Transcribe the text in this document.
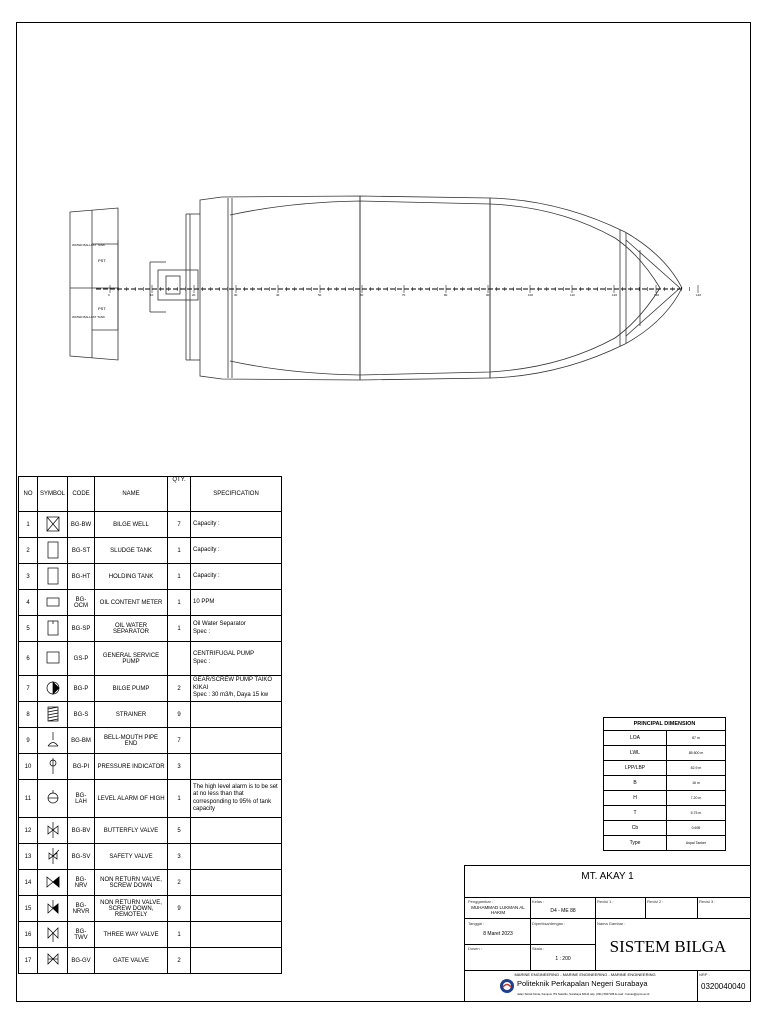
0	10	20	30	40	50	60	70	80	90	100	110	120	130	140
WATER BALLAST TANK
WATER BALLAST TANK
PST
PST
NO	SYMBOL	CODE	NAME	QTY.	SPECIFICATION
1		BG-BW	BILGE WELL	7	Capacity :
2		BG-ST	SLUDGE TANK	1	Capacity :
3		BG-HT	HOLDING TANK	1	Capacity :
4		BG-OCM	OIL CONTENT METER	1	10 PPM
5		BG-SP	OIL WATER SEPARATOR	1	Oil Water Separator
Spec :
6		GS-P	GENERAL SERVICE PUMP		CENTRIFUGAL PUMP
Spec :
7		BG-P	BILGE PUMP	2	GEAR/SCREW PUMP TAIKO KIKAI
Spec : 30 m3/h, Daya 15 kw
8		BG-S	STRAINER	9	
9		BG-BM	BELL-MOUTH PIPE END	7	
10		BG-PI	PRESSURE INDICATOR	3	
11		BG-LAH	LEVEL ALARM OF HIGH	1	The high level alarm is to be set at no less than that corresponding to 95% of tank capacity
12		BG-BV	BUTTERFLY VALVE	5	
13		BG-SV	SAFETY VALVE	3	
14		BG-NRV	NON RETURN VALVE, SCREW DOWN	2	
15		BG-NRVR	NON RETURN VALVE, SCREW DOWN, REMOTELY	9	
16		BG-TWV	THREE WAY VALVE	1	
17		BG-GV	GATE VALVE	2	
PRINCIPAL DIMENSION	
LOA	87 m
LWL	85.600 m
LPP/LBP	82.9 m
B	16 m
H	7.20 m
T	5.75 m
Cb	0.695
Type	Aspal Tanker
MT. AKAY 1
Penggambar :
MUHAMMAD LUKMAN AL HAKIM
Kelas :
D4 - ME 88
Revisi 1 :	Revisi 2 :	Revisi 3 :
Tanggal :
8 Maret 2023
Diperiksa/dengan :	Nama Gambar :
SISTEM BILGA
Dosen :	Skala :
1 : 200
MARINE ENGINEERING - MARINE ENGINEERING - MARINE ENGINEERING
Politeknik Perkapalan Negeri Surabaya
Jalan Teknik Kimia, Kampus ITS Sukolilo, Surabaya 60111 telp. (031) 5947186 E-mail : humas@ppns.ac.id
NRP :
0320040040
